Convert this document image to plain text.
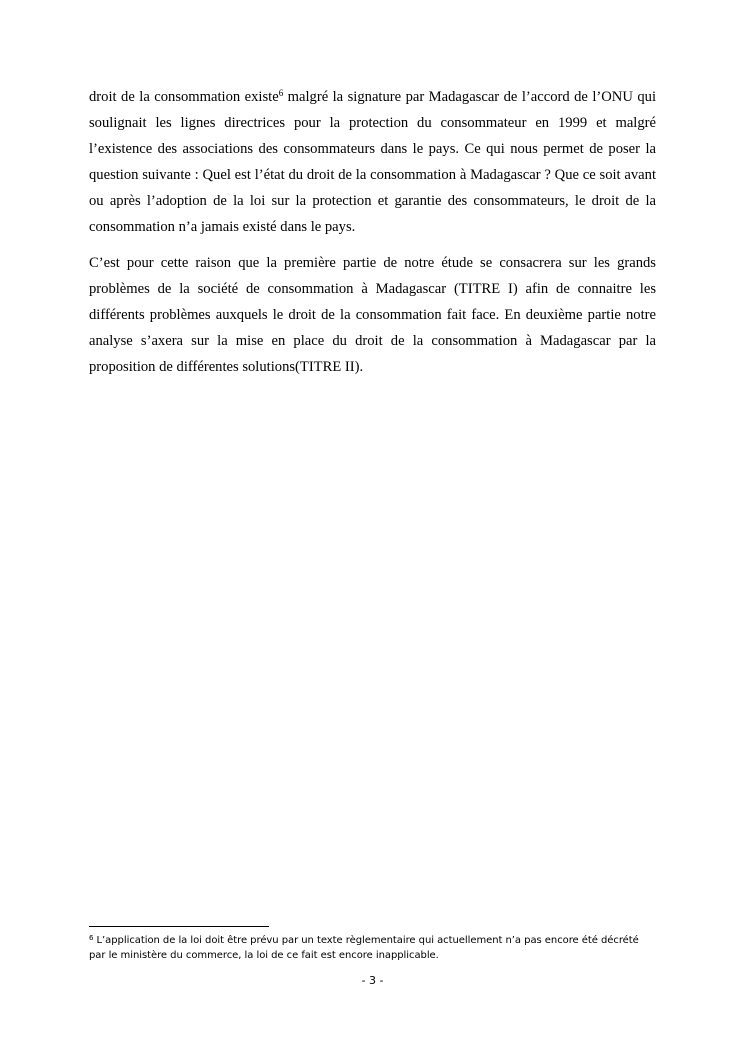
droit de la consommation existe$^6$ malgré la signature par Madagascar de l’accord de l’ONU qui soulignait les lignes directrices pour la protection du consommateur en 1999 et malgré l’existence des associations des consommateurs dans le pays. Ce qui nous permet de poser la question suivante : Quel est l’état du droit de la consommation à Madagascar ? Que ce soit avant ou après l’adoption de la loi sur la protection et garantie des consommateurs, le droit de la consommation n’a jamais existé dans le pays.

C’est pour cette raison que la première partie de notre étude se consacrera sur les grands problèmes de la société de consommation à Madagascar (TITRE I) afin de connaitre les différents problèmes auxquels le droit de la consommation fait face. En deuxième partie notre analyse s’axera sur la mise en place du droit de la consommation à Madagascar par la proposition de différentes solutions(TITRE II).

$^6$ L’application de la loi doit être prévu par un texte règlementaire qui actuellement n’a pas encore été décrété par le ministère du commerce, la loi de ce fait est encore inapplicable.
- 3 -
